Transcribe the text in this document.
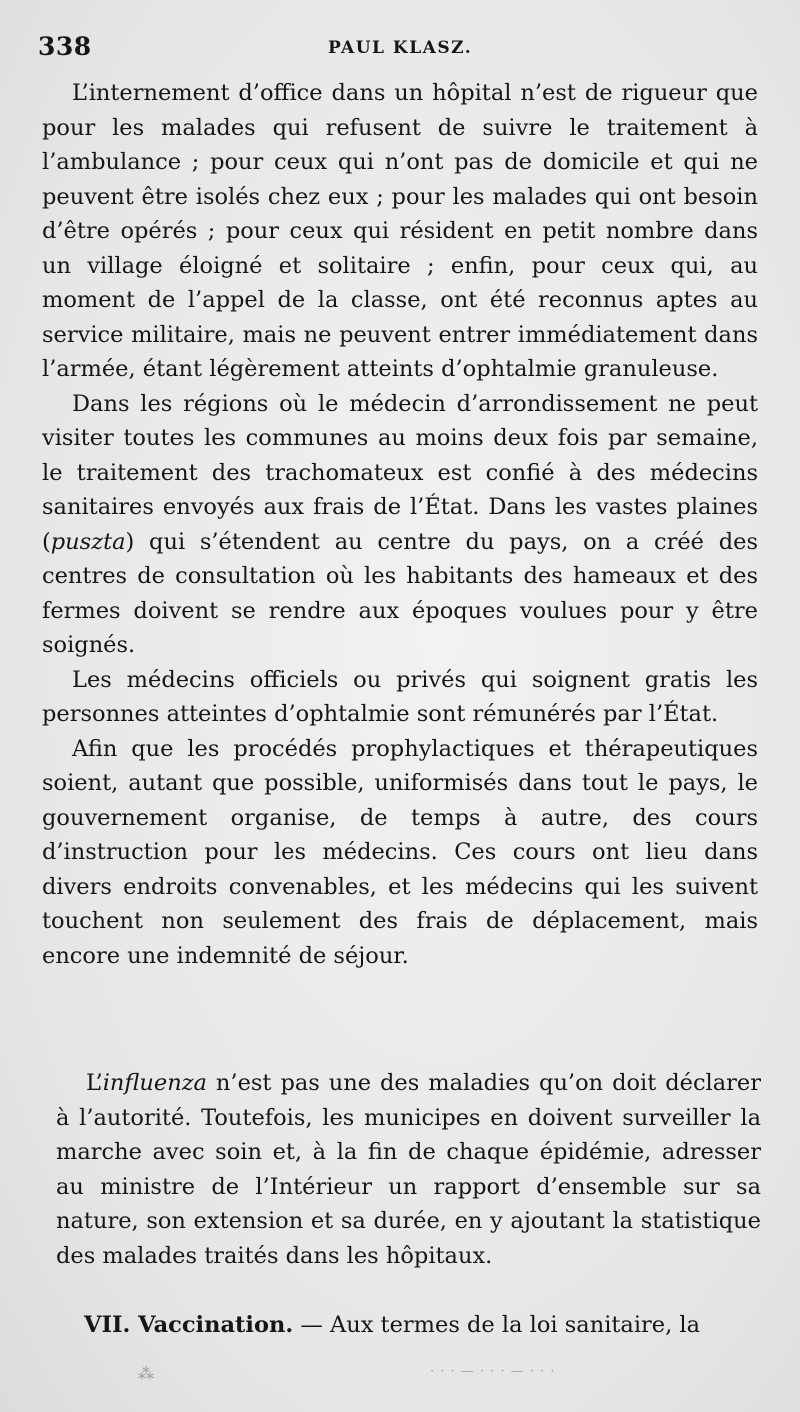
338	PAUL KLASZ.

L’internement d’office dans un hôpital n’est de rigueur que pour les malades qui refusent de suivre le traitement à l’ambulance ; pour ceux qui n’ont pas de domicile et qui ne peuvent être isolés chez eux ; pour les malades qui ont besoin d’être opérés ; pour ceux qui résident en petit nombre dans un village éloigné et solitaire ; enfin, pour ceux qui, au moment de l’appel de la classe, ont été reconnus aptes au service militaire, mais ne peuvent entrer immédiatement dans l’armée, étant légèrement atteints d’ophtalmie granuleuse.

Dans les régions où le médecin d’arrondissement ne peut visiter toutes les communes au moins deux fois par semaine, le traitement des trachomateux est confié à des médecins sanitaires envoyés aux frais de l’État. Dans les vastes plaines (puszta) qui s’étendent au centre du pays, on a créé des centres de consultation où les habitants des hameaux et des fermes doivent se rendre aux époques voulues pour y être soignés.

Les médecins officiels ou privés qui soignent gratis les personnes atteintes d’ophtalmie sont rémunérés par l’État.

Afin que les procédés prophylactiques et thérapeutiques soient, autant que possible, uniformisés dans tout le pays, le gouvernement organise, de temps à autre, des cours d’instruction pour les médecins. Ces cours ont lieu dans divers endroits convenables, et les médecins qui les suivent touchent non seulement des frais de déplacement, mais encore une indemnité de séjour.

L’influenza n’est pas une des maladies qu’on doit déclarer à l’autorité. Toutefois, les municipes en doivent surveiller la marche avec soin et, à la fin de chaque épidémie, adresser au ministre de l’Intérieur un rapport d’ensemble sur sa nature, son extension et sa durée, en y ajoutant la statistique des malades traités dans les hôpitaux.

VII. Vaccination. — Aux termes de la loi sanitaire, la
⁂	· · · — · · · — · · ·
